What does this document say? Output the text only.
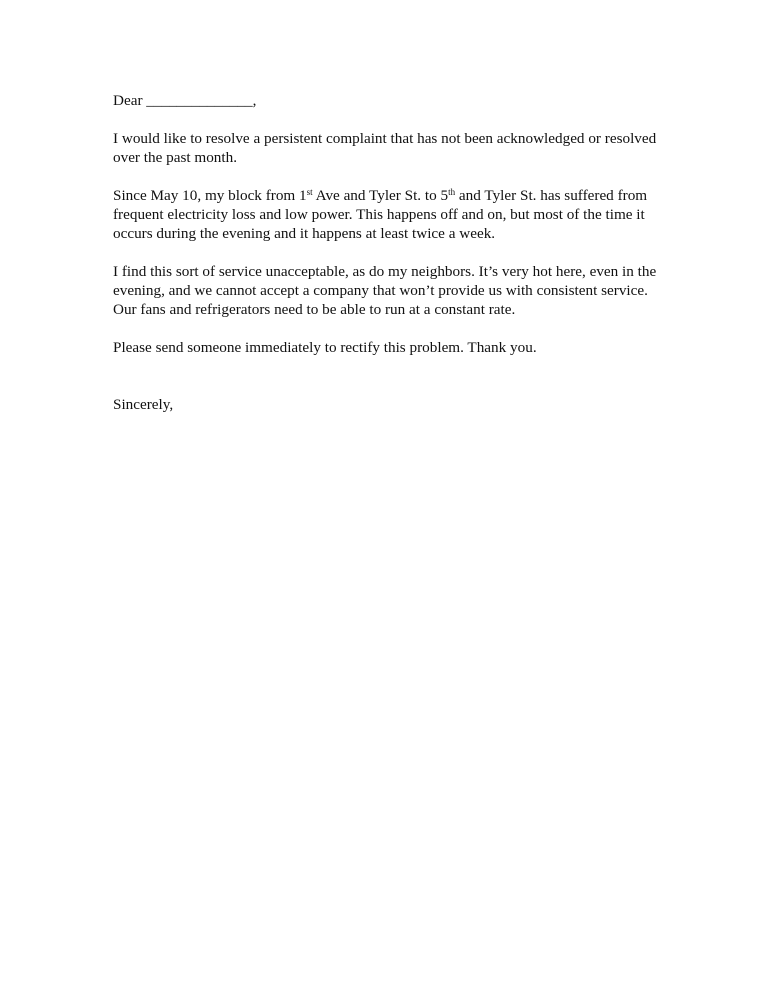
Dear ______________,

I would like to resolve a persistent complaint that has not been acknowledged or resolved
over the past month.

Since May 10, my block from 1st Ave and Tyler St. to 5th and Tyler St. has suffered from
frequent electricity loss and low power. This happens off and on, but most of the time it
occurs during the evening and it happens at least twice a week.

I find this sort of service unacceptable, as do my neighbors. It’s very hot here, even in the
evening, and we cannot accept a company that won’t provide us with consistent service.
Our fans and refrigerators need to be able to run at a constant rate.

Please send someone immediately to rectify this problem. Thank you.

Sincerely,
